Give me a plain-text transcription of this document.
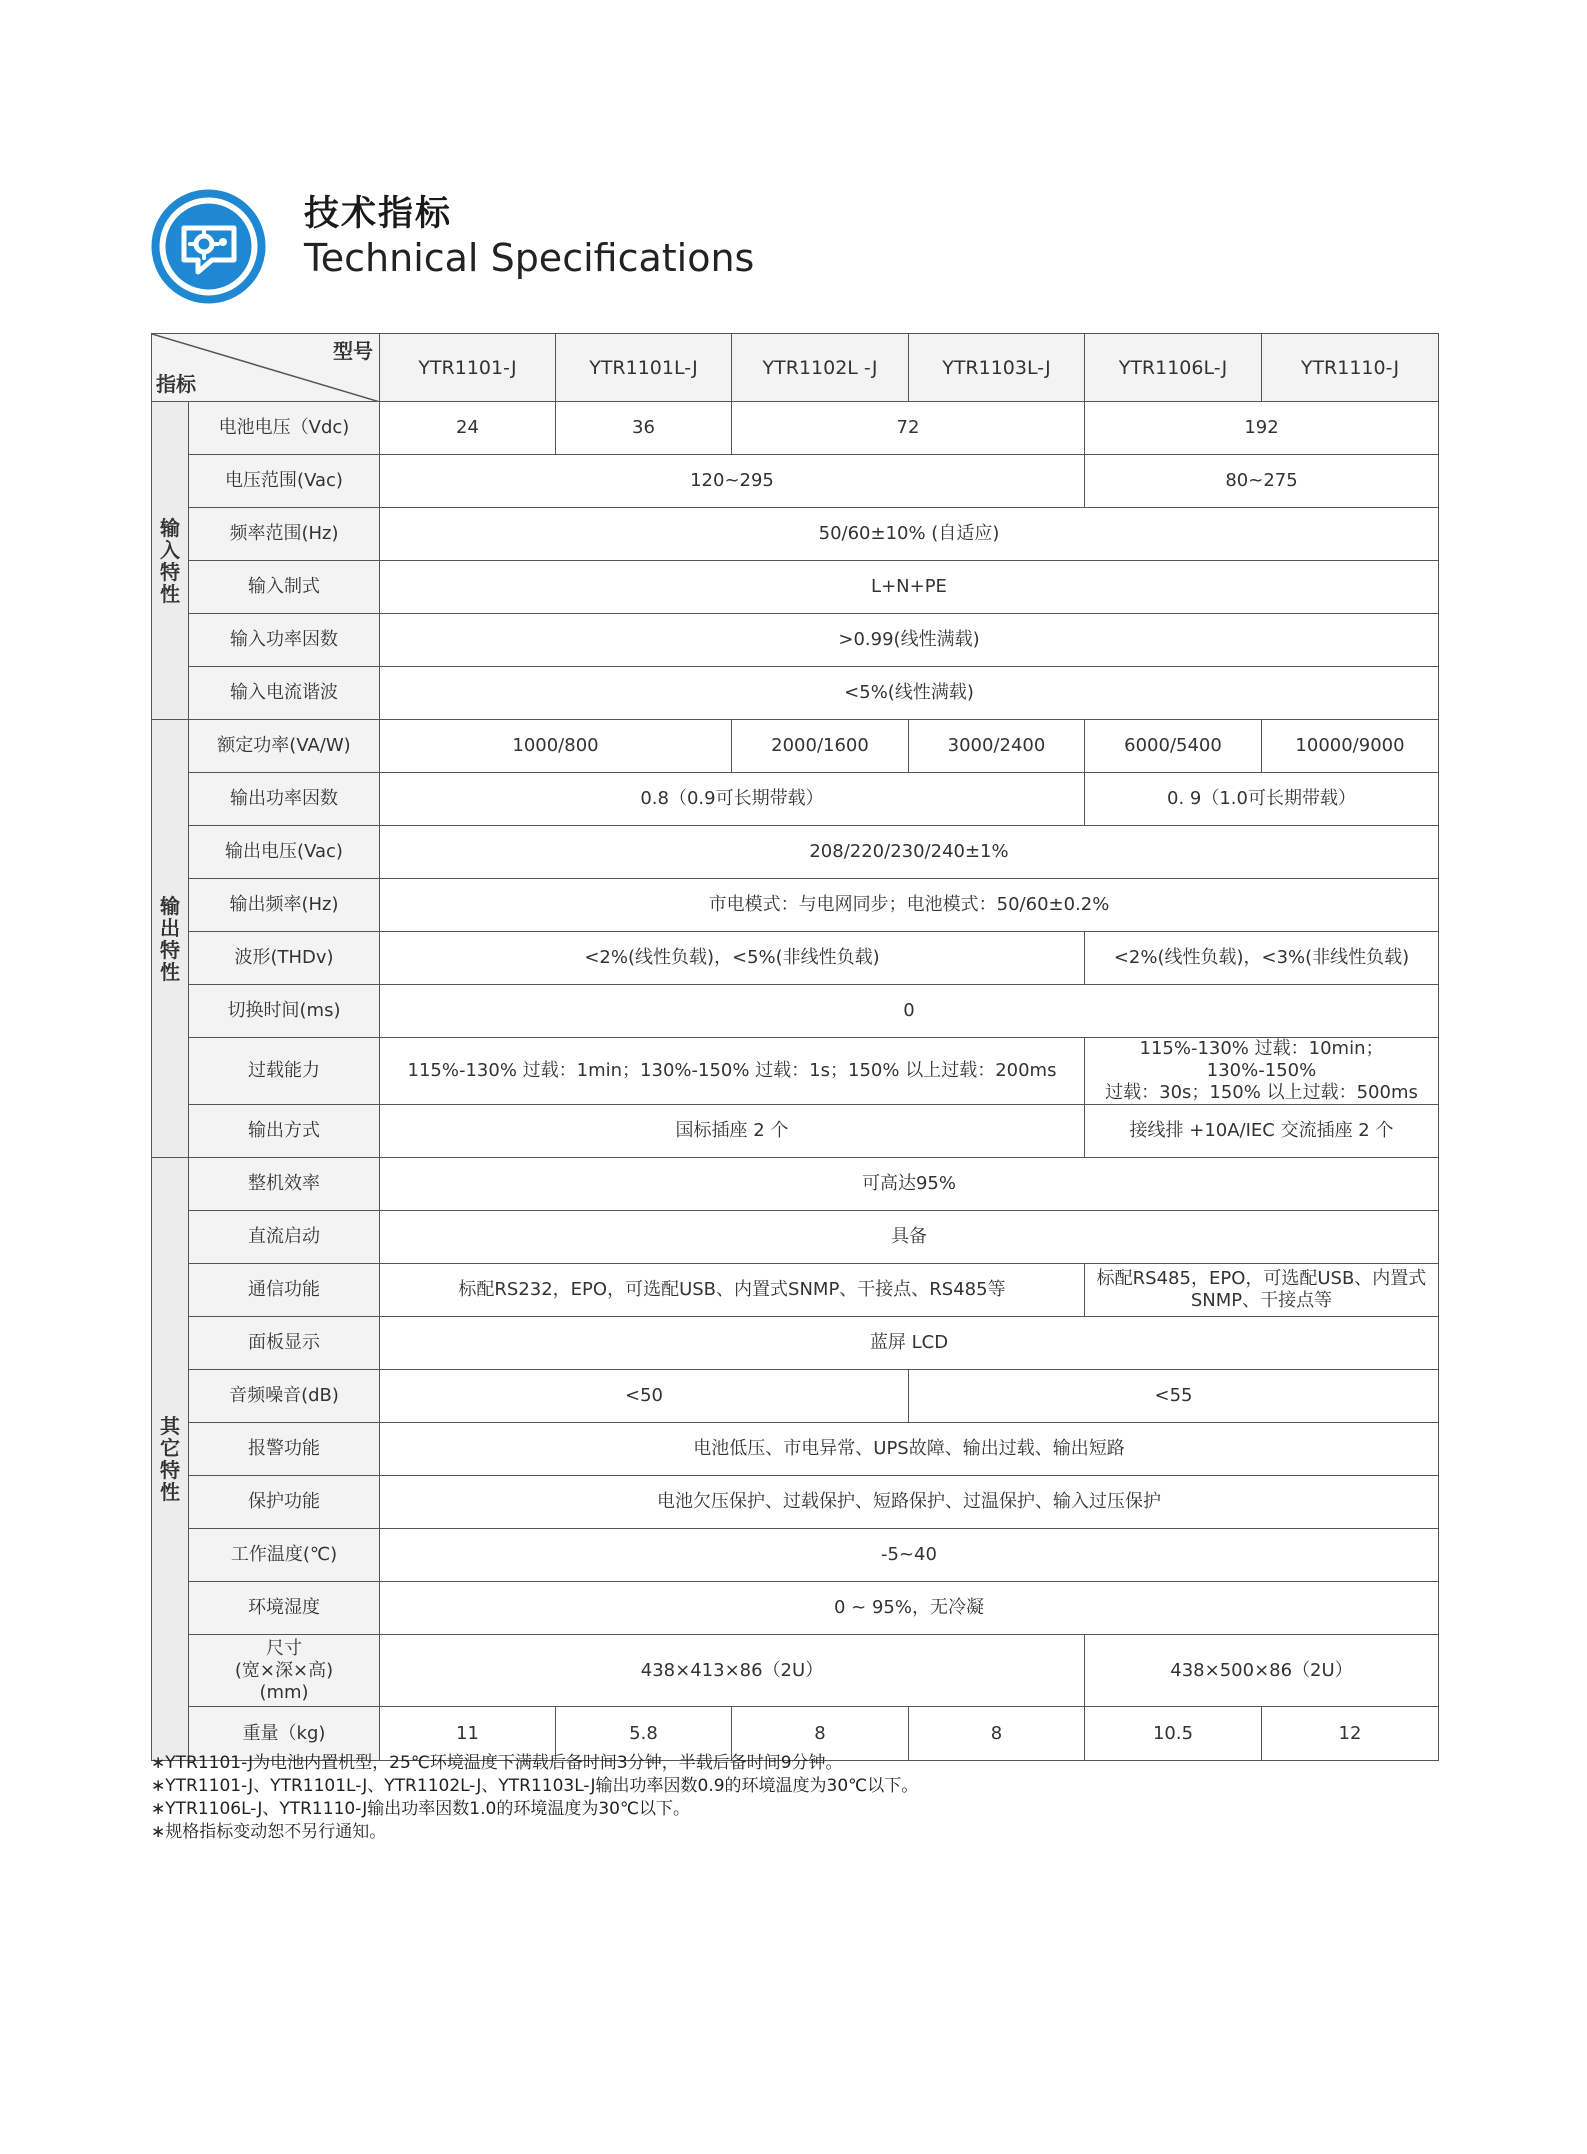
技术指标
Technical Specifications
型号
指标		YTR1101-J	YTR1101L-J	YTR1102L -J	YTR1103L-J	YTR1106L-J	YTR1110-J

输
入
特
性	电池电压（Vdc)	24	36	72		192	
	电压范围(Vac)	120~295				80~275	
	频率范围(Hz)	50/60±10% (自适应)					
	输入制式	L+N+PE					
	输入功率因数	>0.99(线性满载)					
	输入电流谐波	<5%(线性满载)					

输
出
特
性	额定功率(VA/W)	1000/800		2000/1600	3000/2400	6000/5400	10000/9000
	输出功率因数	0.8（0.9可长期带载）				0. 9（1.0可长期带载）	
	输出电压(Vac)	208/220/230/240±1%					
	输出频率(Hz)	市电模式：与电网同步；电池模式：50/60±0.2%					
	波形(THDv)	<2%(线性负载)，<5%(非线性负载)				<2%(线性负载)，<3%(非线性负载)	
	切换时间(ms)	0					
	过载能力	115%-130% 过载：1min；130%-150% 过载：1s；150% 以上过载：200ms				115%-130% 过载：10min；130%-150%
过载：30s；150% 以上过载：500ms	

	输出方式	国标插座 2 个				接线排 +10A/IEC 交流插座 2 个	

其
它
特
性	整机效率	可高达95%					
	直流启动	具备					
	通信功能	标配RS232，EPO，可选配USB、内置式SNMP、干接点、RS485等				标配RS485，EPO，可选配USB、内置式
SNMP、干接点等	

	面板显示	蓝屏 LCD					
	音频噪音(dB)	<50			<55		
	报警功能	电池低压、市电异常、UPS故障、输出过载、输出短路					
	保护功能	电池欠压保护、过载保护、短路保护、过温保护、输入过压保护					
	工作温度(℃)	-5~40					
	环境湿度	0 ~ 95%，无冷凝					

	尺寸
(宽×深×高)
(mm)	438×413×86（2U）				438×500×86（2U）	
	重量（kg)	11	5.8	8	8	10.5	12
∗YTR1101-J为电池内置机型，25℃环境温度下满载后备时间3分钟，半载后备时间9分钟。
∗YTR1101-J、YTR1101L-J、YTR1102L-J、YTR1103L-J输出功率因数0.9的环境温度为30℃以下。
∗YTR1106L-J、YTR1110-J输出功率因数1.0的环境温度为30℃以下。
∗规格指标变动恕不另行通知。
